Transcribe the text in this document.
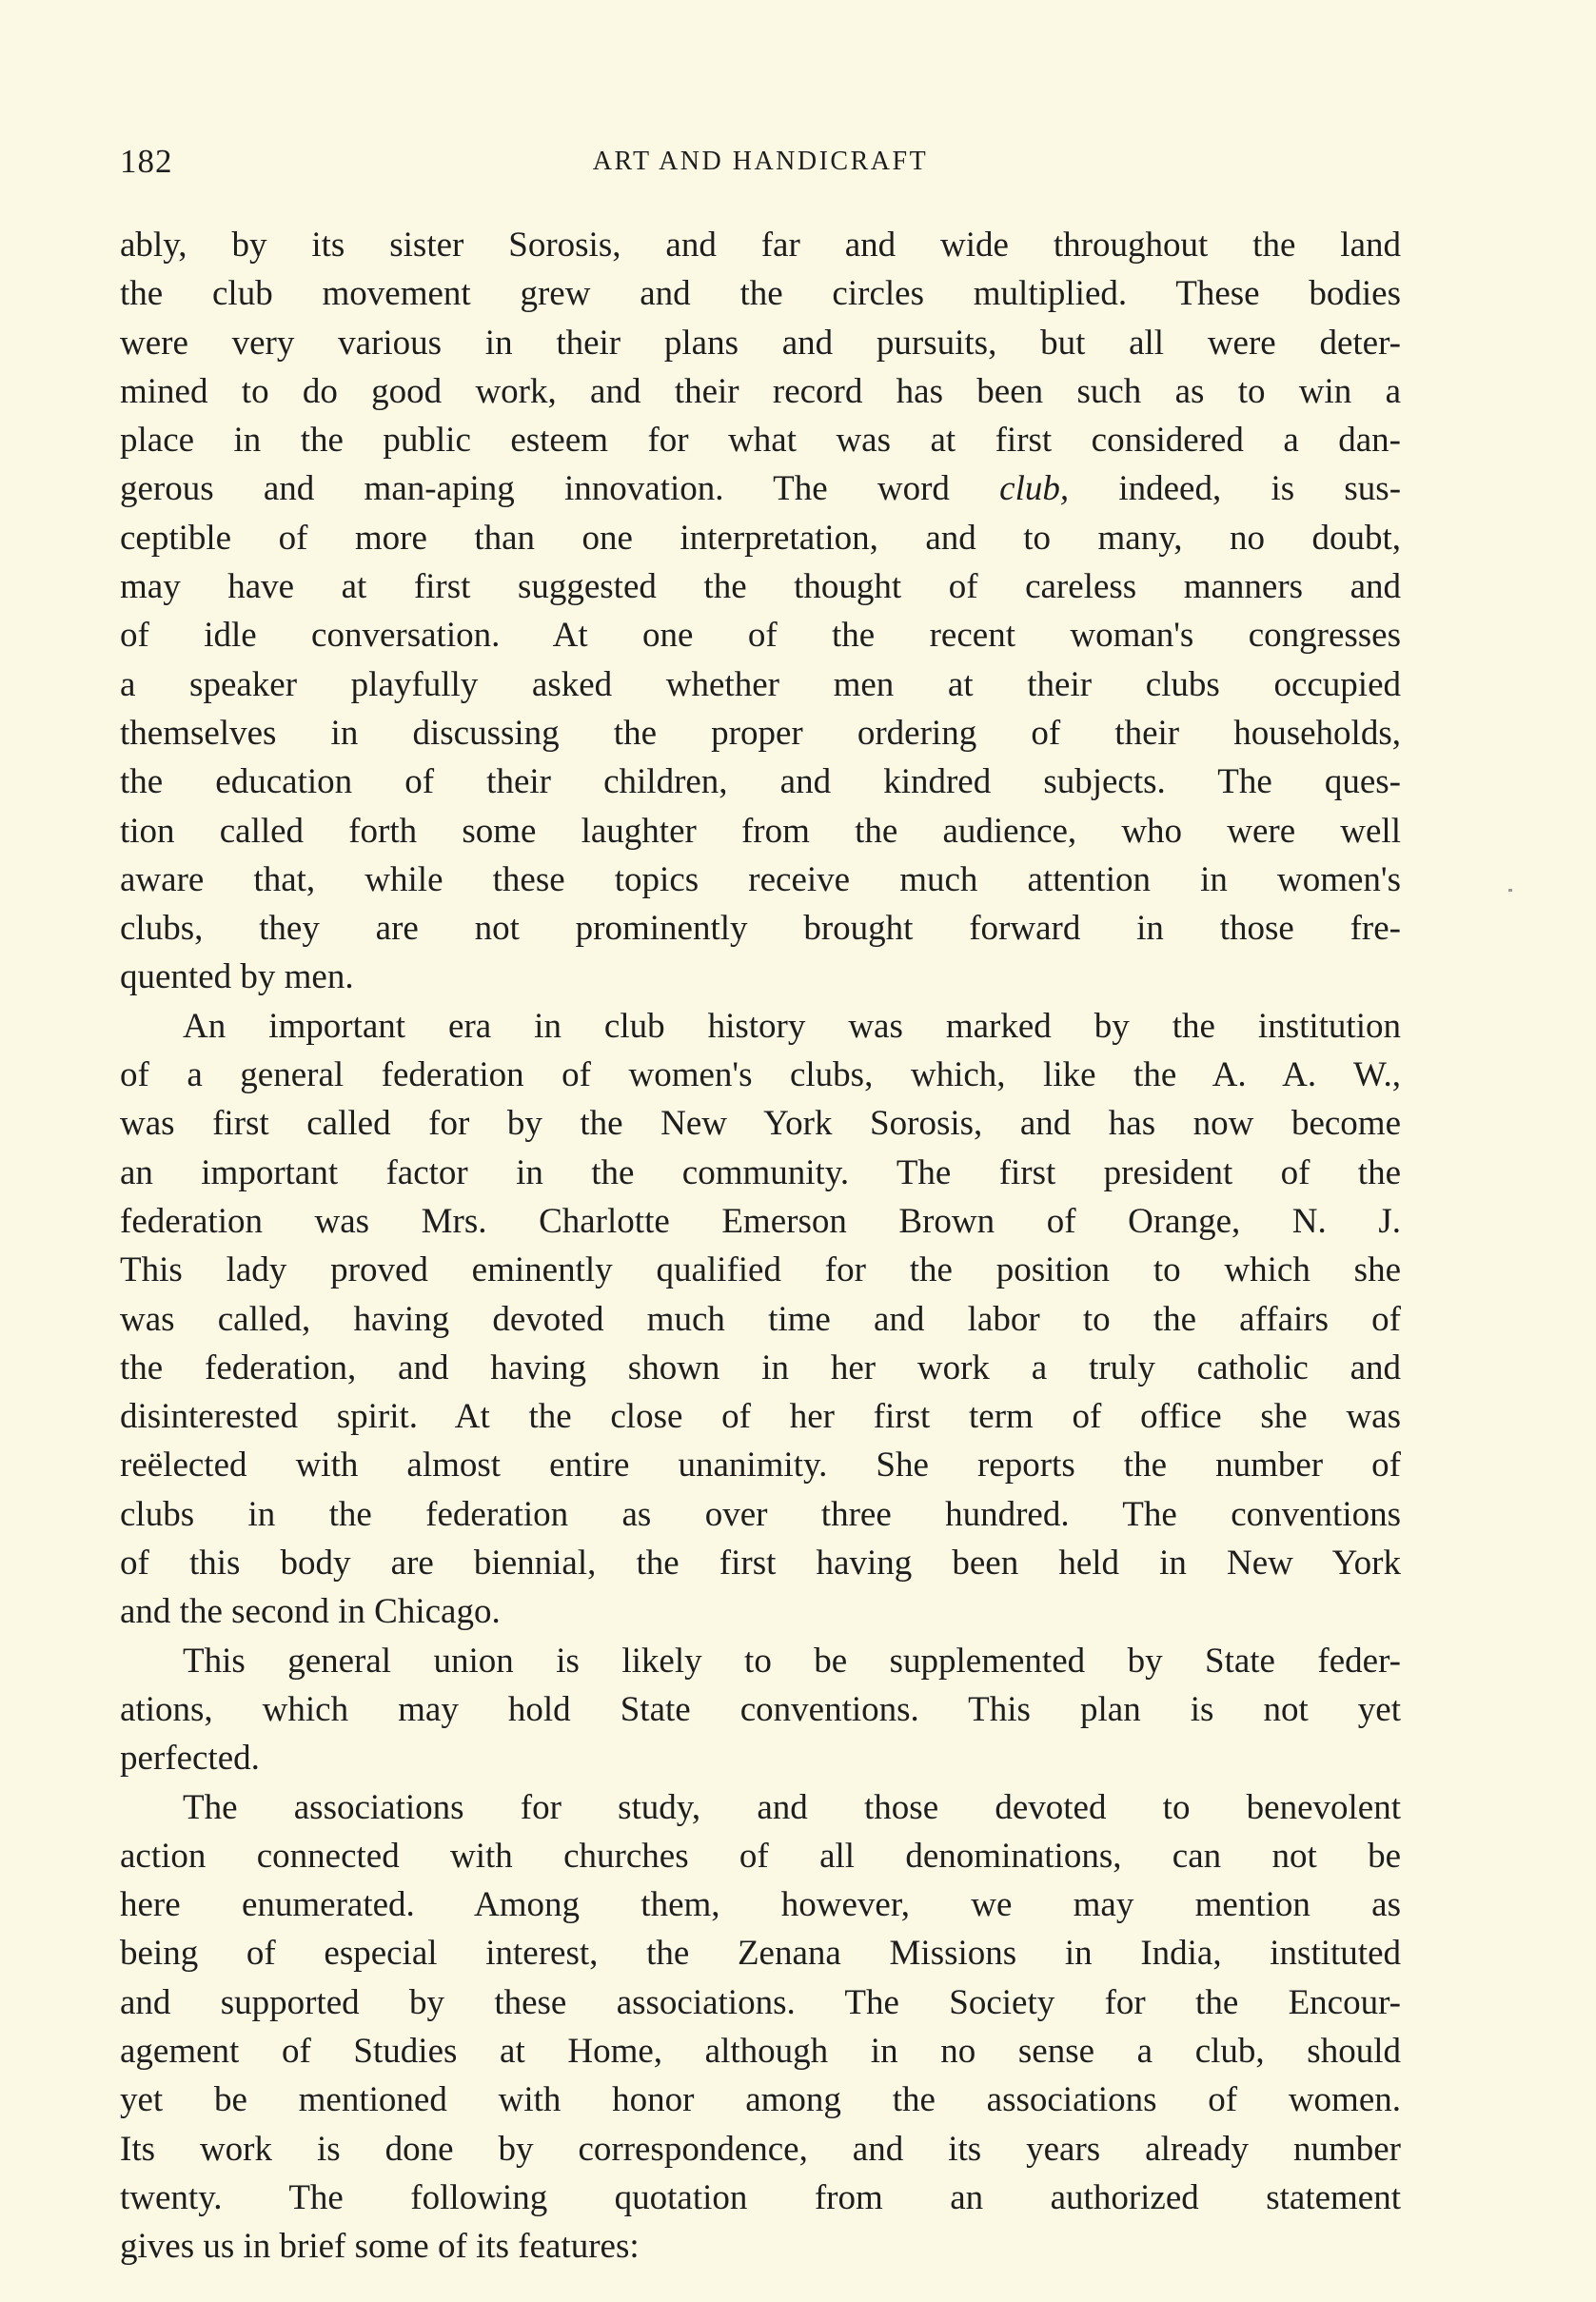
182	ART AND HANDICRAFT
ably, by its sister Sorosis, and far and wide throughout the land
the club movement grew and the circles multiplied. These bodies
were very various in their plans and pursuits, but all were deter-
mined to do good work, and their record has been such as to win a
place in the public esteem for what was at first considered a dan-
gerous and man-aping innovation. The word club, indeed, is sus-
ceptible of more than one interpretation, and to many, no doubt,
may have at first suggested the thought of careless manners and
of idle conversation. At one of the recent woman's congresses
a speaker playfully asked whether men at their clubs occupied
themselves in discussing the proper ordering of their households,
the education of their children, and kindred subjects. The ques-
tion called forth some laughter from the audience, who were well
aware that, while these topics receive much attention in women's
clubs, they are not prominently brought forward in those fre-
quented by men.
An important era in club history was marked by the institution
of a general federation of women's clubs, which, like the A. A. W.,
was first called for by the New York Sorosis, and has now become
an important factor in the community. The first president of the
federation was Mrs. Charlotte Emerson Brown of Orange, N. J.
This lady proved eminently qualified for the position to which she
was called, having devoted much time and labor to the affairs of
the federation, and having shown in her work a truly catholic and
disinterested spirit. At the close of her first term of office she was
reëlected with almost entire unanimity. She reports the number of
clubs in the federation as over three hundred. The conventions
of this body are biennial, the first having been held in New York
and the second in Chicago.
This general union is likely to be supplemented by State feder-
ations, which may hold State conventions. This plan is not yet
perfected.
The associations for study, and those devoted to benevolent
action connected with churches of all denominations, can not be
here enumerated. Among them, however, we may mention as
being of especial interest, the Zenana Missions in India, instituted
and supported by these associations. The Society for the Encour-
agement of Studies at Home, although in no sense a club, should
yet be mentioned with honor among the associations of women.
Its work is done by correspondence, and its years already number
twenty. The following quotation from an authorized statement
gives us in brief some of its features:
